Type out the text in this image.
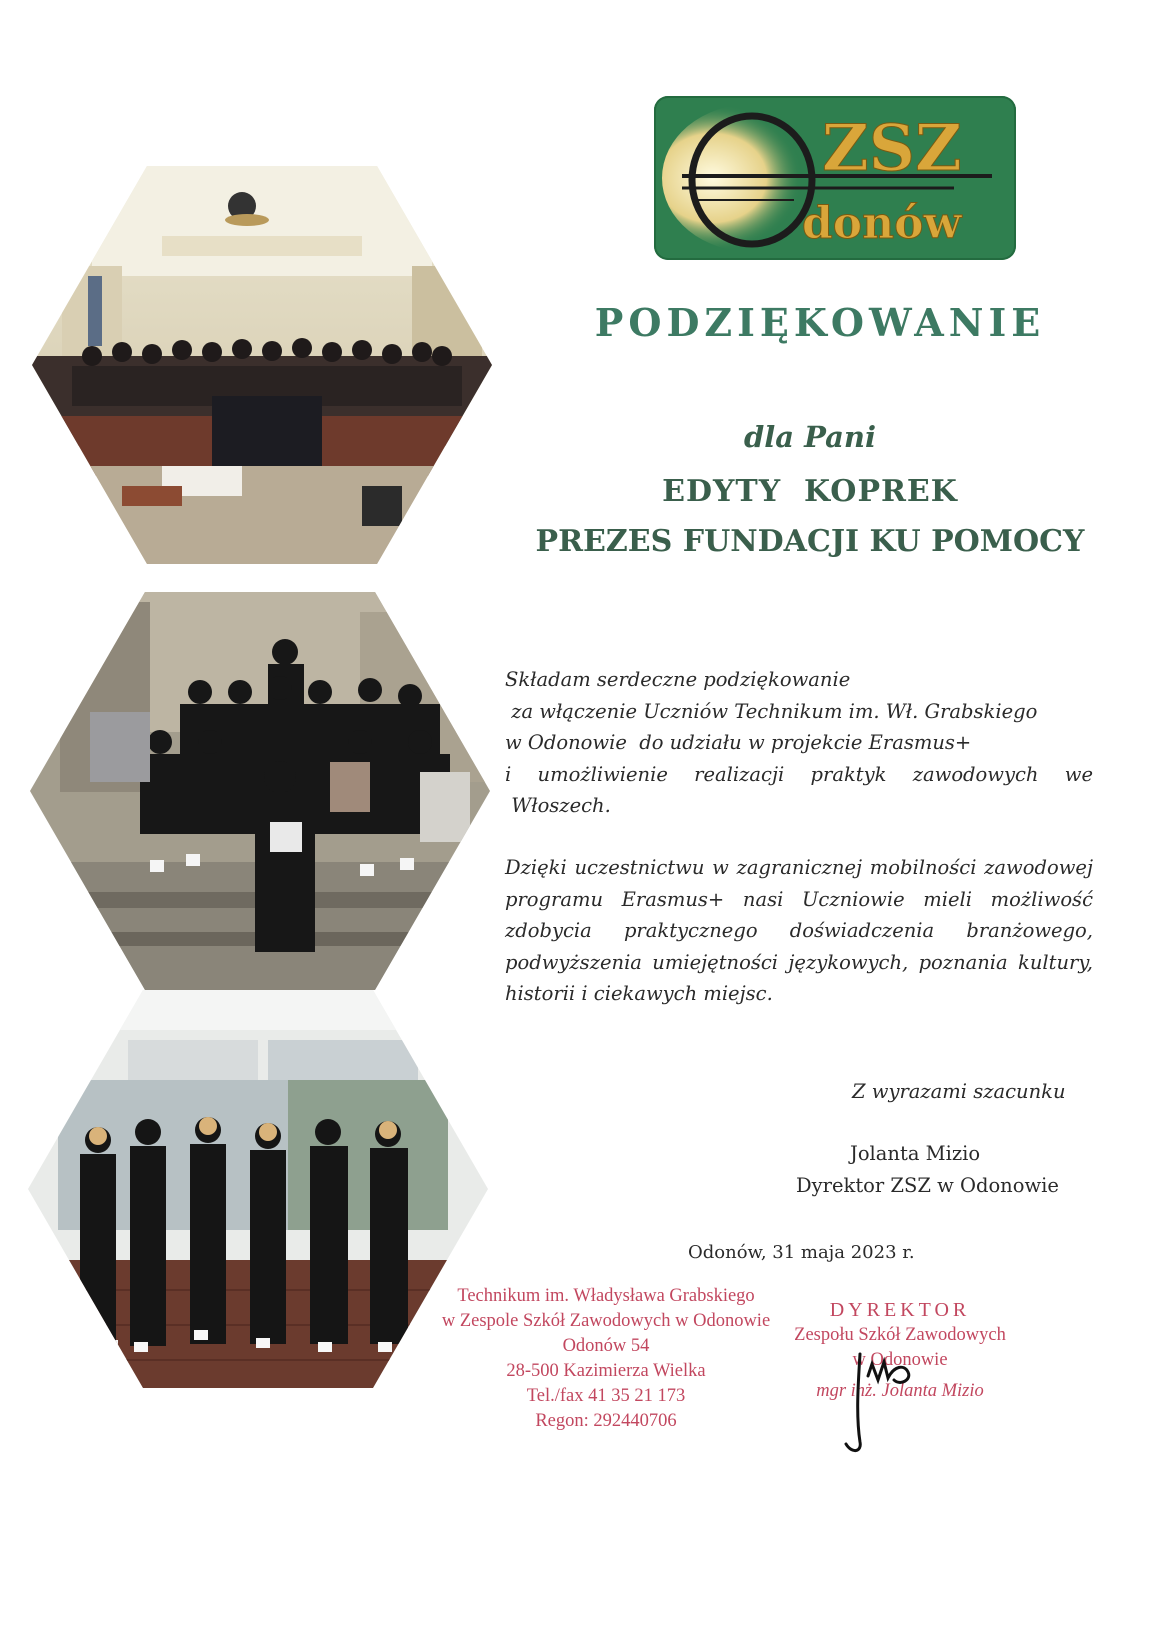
ZSZ
donów
PODZIĘKOWANIE
dla Pani
EDYTY  KOPREK
PREZES FUNDACJI KU POMOCY
Składam serdeczne podziękowanie
za włączenie Uczniów Technikum im. Wł. Grabskiego
w Odonowie  do udziału w projekcie Erasmus+
i umożliwienie realizacji praktyk zawodowych we
Włoszech.

Dzięki uczestnictwu w zagranicznej mobilności zawodowej programu Erasmus+ nasi Uczniowie mieli możliwość zdobycia praktycznego doświadczenia branżowego, podwyższenia umiejętności językowych, poznania kultury, historii i ciekawych miejsc.

Z wyrazami szacunku
Jolanta Mizio
Dyrektor ZSZ w Odonowie
Odonów, 31 maja 2023 r.
Technikum im. Władysława Grabskiego
w Zespole Szkół Zawodowych w Odonowie
Odonów 54
28-500 Kazimierza Wielka
Tel./fax 41 35 21 173
Regon: 292440706
DYREKTOR
Zespołu Szkół Zawodowych
w Odonowie
mgr inż. Jolanta Mizio
